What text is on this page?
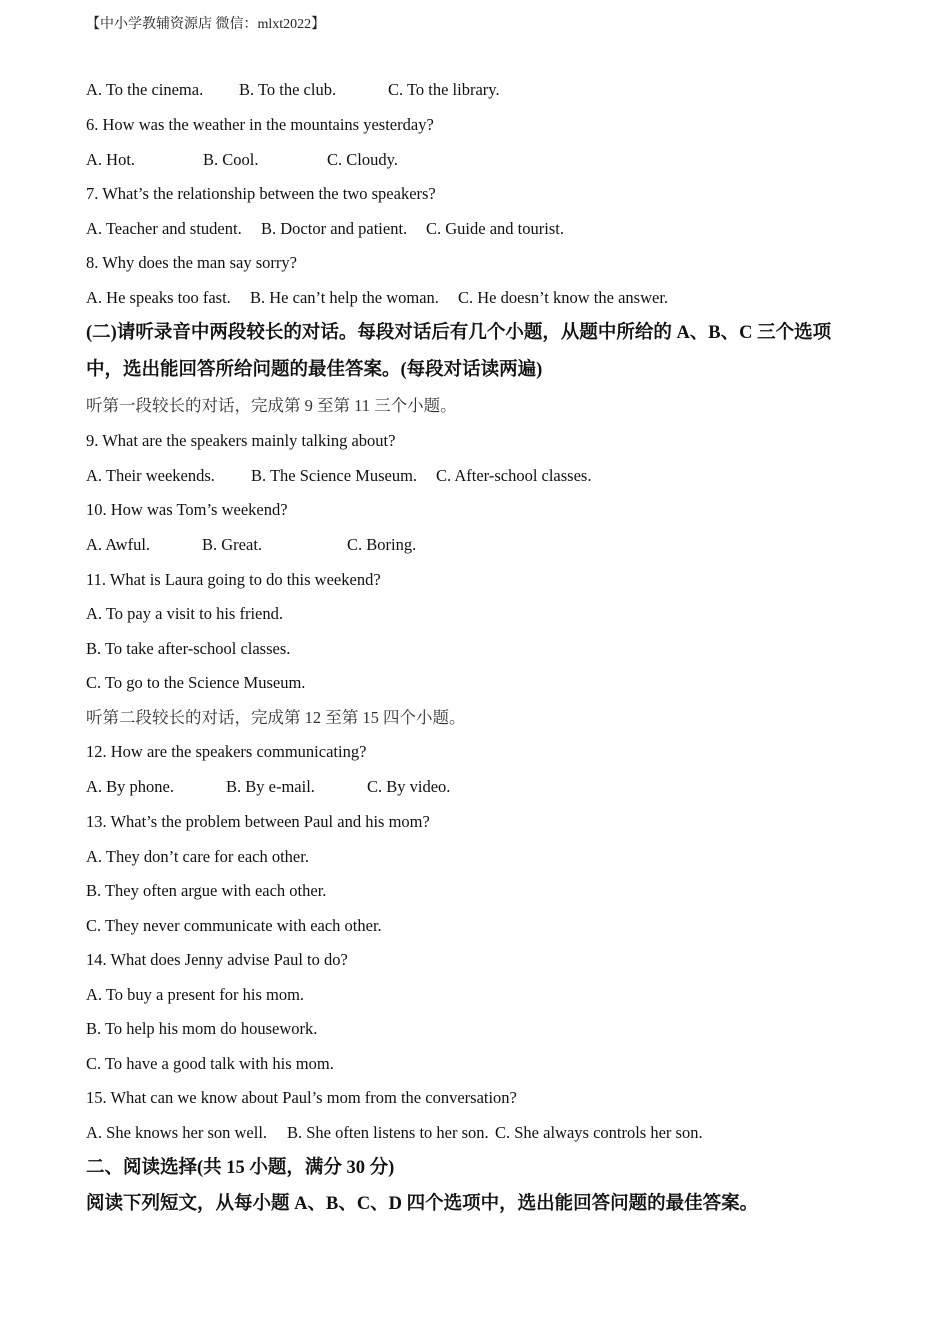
【中小学教辅资源店 微信：mlxt2022】
A. To the cinema. B. To the club.	C. To the library.
6. How was the weather in the mountains yesterday?
A. Hot.	B. Cool.	C. Cloudy.
7. What’s the relationship between the two speakers?
A. Teacher and student. B. Doctor and patient. C. Guide and tourist.
8. Why does the man say sorry?
A. He speaks too fast. B. He can’t help the woman. C. He doesn’t know the answer.
(二)请听录音中两段较长的对话。每段对话后有几个小题，从题中所给的 A、B、C 三个选项
中，选出能回答所给问题的最佳答案。(每段对话读两遍)
听第一段较长的对话，完成第 9 至第 11 三个小题。
9. What are the speakers mainly talking about?
A. Their weekends. B. The Science Museum. C. After-school classes.
10. How was Tom’s weekend?
A. Awful.	B. Great.	C. Boring.
11. What is Laura going to do this weekend?
A. To pay a visit to his friend.
B. To take after-school classes.
C. To go to the Science Museum.
听第二段较长的对话，完成第 12 至第 15 四个小题。
12. How are the speakers communicating?
A. By phone.	B. By e-mail.	C. By video.
13. What’s the problem between Paul and his mom?
A. They don’t care for each other.
B. They often argue with each other.
C. They never communicate with each other.
14. What does Jenny advise Paul to do?
A. To buy a present for his mom.
B. To help his mom do housework.
C. To have a good talk with his mom.
15. What can we know about Paul’s mom from the conversation?
A. She knows her son well. B. She often listens to her son. C. She always controls her son.
二、阅读选择(共 15 小题，满分 30 分)
阅读下列短文，从每小题 A、B、C、D 四个选项中，选出能回答问题的最佳答案。
